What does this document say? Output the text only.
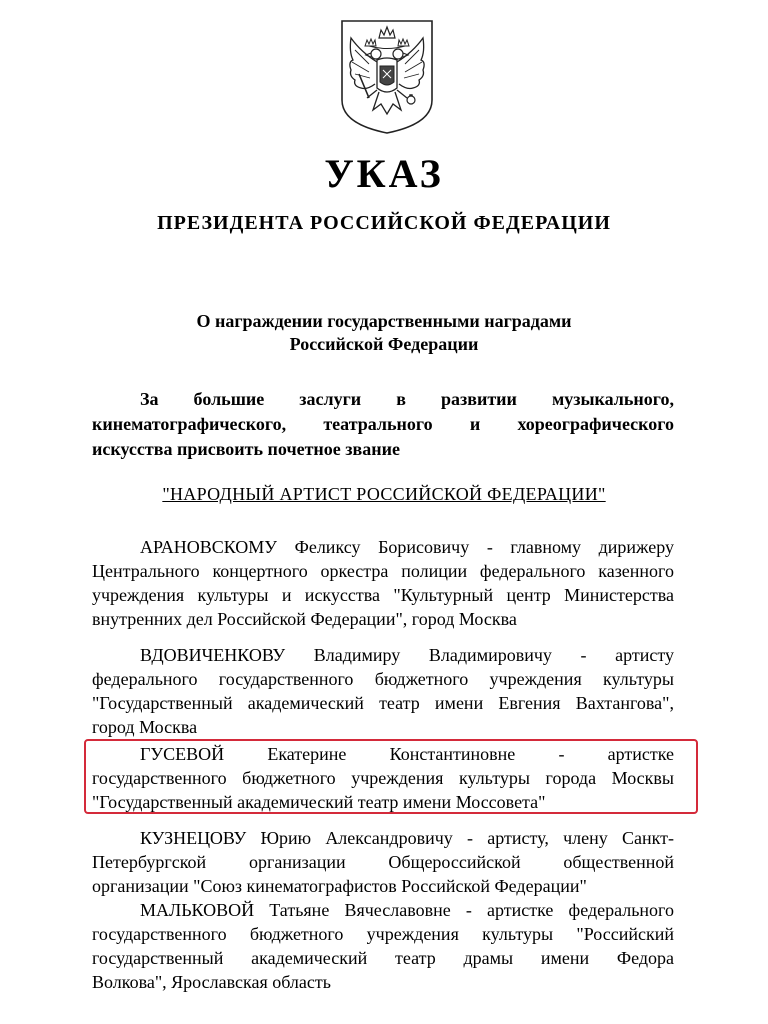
УКАЗ
ПРЕЗИДЕНТА РОССИЙСКОЙ ФЕДЕРАЦИИ
О награждении государственными наградами
Российской Федерации
За большие заслуги в развитии музыкального,
кинематографического, театрального и хореографического
искусства присвоить почетное звание
"НАРОДНЫЙ АРТИСТ РОССИЙСКОЙ ФЕДЕРАЦИИ"
АРАНОВСКОМУ Феликсу Борисовичу - главному дирижеру
Центрального концертного оркестра полиции федерального казенного
учреждения культуры и искусства "Культурный центр Министерства
внутренних дел Российской Федерации", город Москва
ВДОВИЧЕНКОВУ Владимиру Владимировичу - артисту
федерального государственного бюджетного учреждения культуры
"Государственный академический театр имени Евгения Вахтангова",
город Москва
ГУСЕВОЙ Екатерине Константиновне - артистке
государственного бюджетного учреждения культуры города Москвы
"Государственный академический театр имени Моссовета"
КУЗНЕЦОВУ Юрию Александровичу - артисту, члену Санкт-
Петербургской организации Общероссийской общественной
организации "Союз кинематографистов Российской Федерации"
МАЛЬКОВОЙ Татьяне Вячеславовне - артистке федерального
государственного бюджетного учреждения культуры "Российский
государственный академический театр драмы имени Федора
Волкова", Ярославская область
